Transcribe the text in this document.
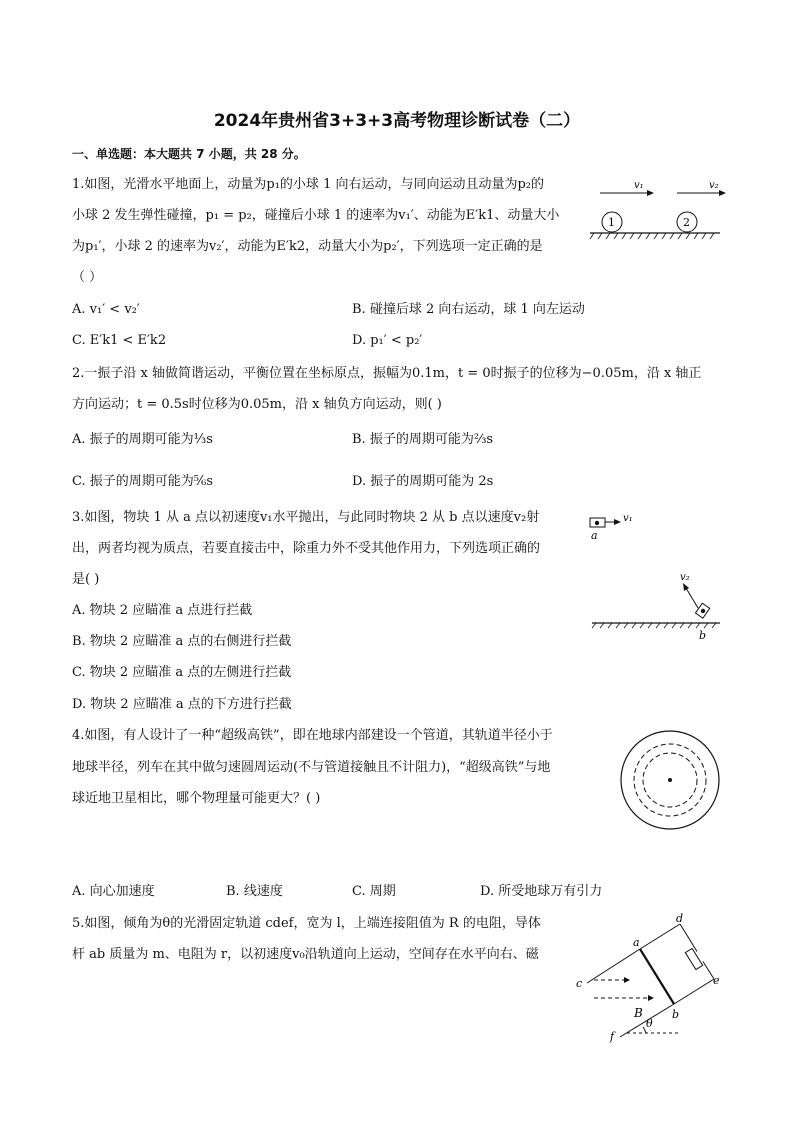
2024年贵州省3+3+3高考物理诊断试卷（二）
一、单选题：本大题共 7 小题，共 28 分。
1.如图，光滑水平地面上，动量为p₁的小球 1 向右运动，与同向运动且动量为p₂的
小球 2 发生弹性碰撞，p₁ = p₂，碰撞后小球 1 的速率为v₁′、动能为E′k1、动量大小
为p₁′，小球 2 的速率为v₂′，动能为E′k2，动量大小为p₂′，下列选项一定正确的是
（ ）
A. v₁′ < v₂′	B. 碰撞后球 2 向右运动，球 1 向左运动
C. E′k1 < E′k2	D. p₁′ < p₂′
v₁	v₂
1	2
2.一振子沿 x 轴做简谐运动，平衡位置在坐标原点，振幅为0.1m，t = 0时振子的位移为−0.05m，沿 x 轴正
方向运动；t = 0.5s时位移为0.05m，沿 x 轴负方向运动，则( )
A. 振子的周期可能为⅓s	B. 振子的周期可能为⅔s
C. 振子的周期可能为⅚s	D. 振子的周期可能为 2s
3.如图，物块 1 从 a 点以初速度v₁水平抛出，与此同时物块 2 从 b 点以速度v₂射
出，两者均视为质点，若要直接击中，除重力外不受其他作用力，下列选项正确的
是( )
A. 物块 2 应瞄准 a 点进行拦截
B. 物块 2 应瞄准 a 点的右侧进行拦截
C. 物块 2 应瞄准 a 点的左侧进行拦截
D. 物块 2 应瞄准 a 点的下方进行拦截
v₁
a
v₂
b
4.如图，有人设计了一种“超级高铁”，即在地球内部建设一个管道，其轨道半径小于
地球半径，列车在其中做匀速圆周运动(不与管道接触且不计阻力)，“超级高铁”与地
球近地卫星相比，哪个物理量可能更大？( )
A. 向心加速度	B. 线速度	C. 周期	D. 所受地球万有引力
5.如图，倾角为θ的光滑固定轨道 cdef，宽为 l，上端连接阻值为 R 的电阻，导体
杆 ab 质量为 m、电阻为 r，以初速度v₀沿轨道向上运动，空间存在水平向右、磁
B
θ
a
b
c
d
e
f
